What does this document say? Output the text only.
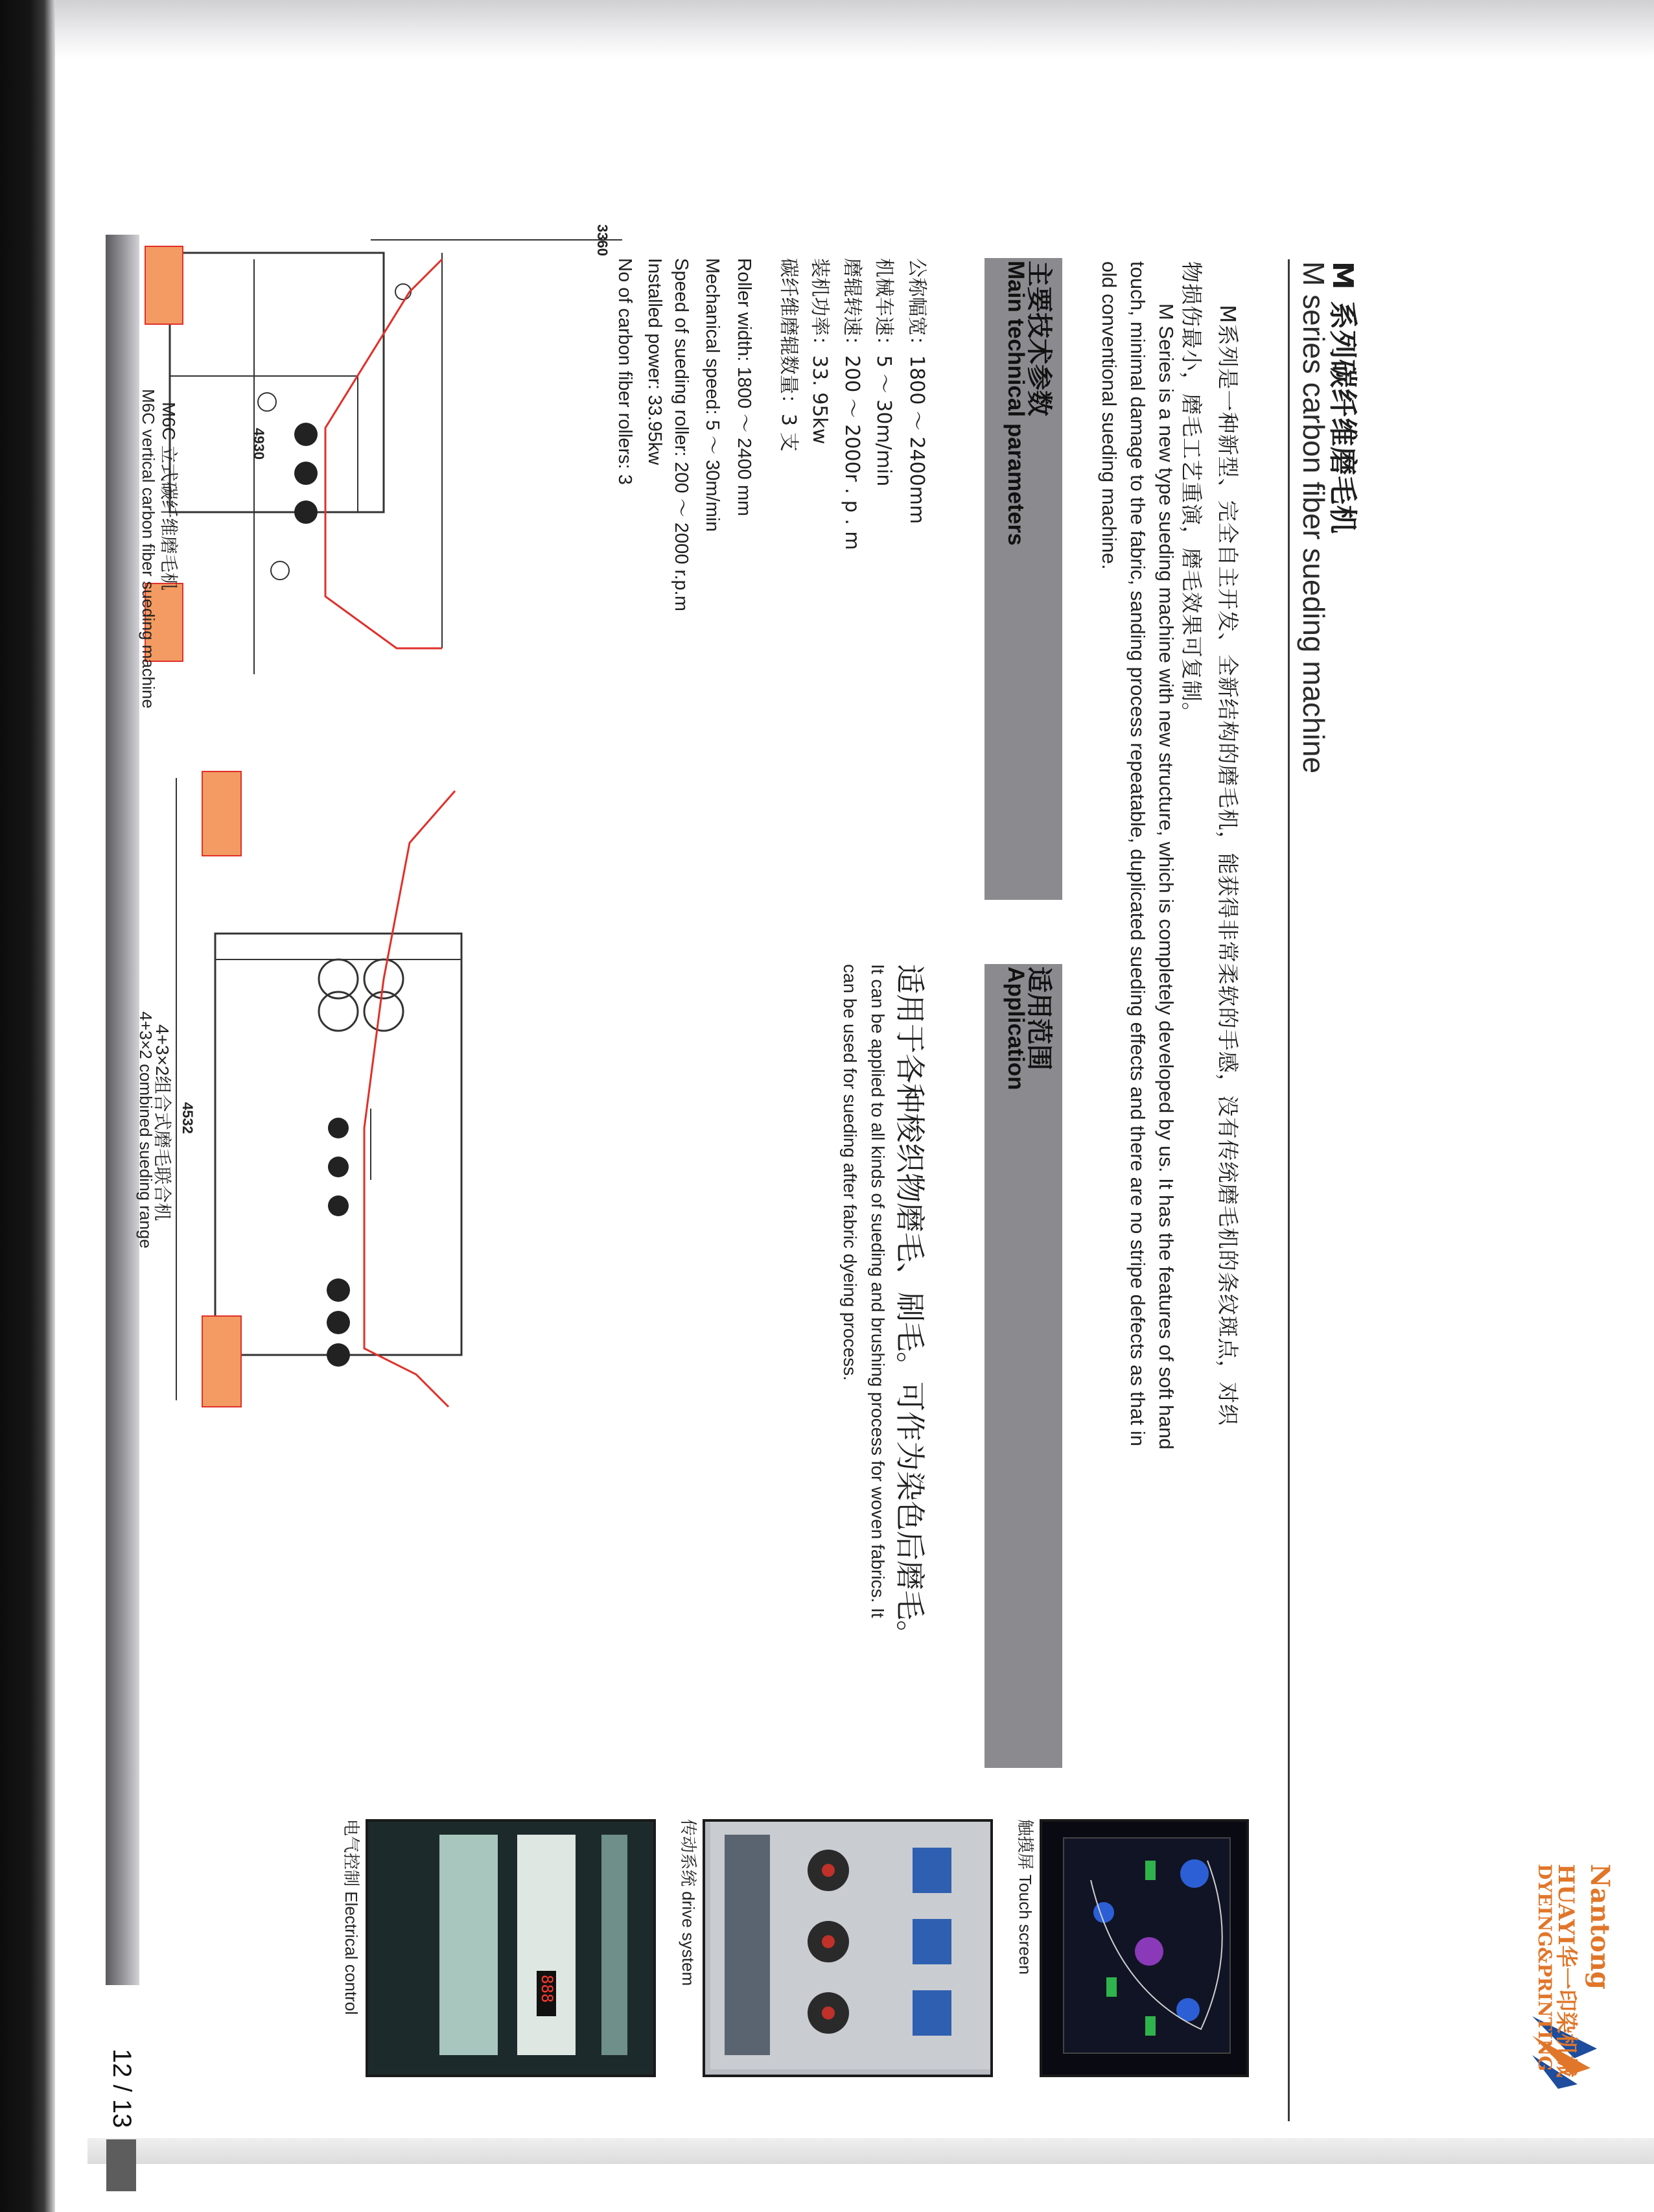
M 系列碳纤维磨毛机
M series carbon fiber sueding machine
Nantong
HUAYI华一印染机械
DYEING&PRINTING
M系列是一种新型、完全自主开发、全新结构的磨毛机，能获得非常柔软的手感，没有传统磨毛机的条纹斑点，对织
物损伤最小，磨毛工艺重演，磨毛效果可复制。
M Series is a new type sueding machine with new structure, which is completely developed by us. It has the features of soft hand
touch, minimal damage to the fabric, sanding process repeatable, duplicated sueding effects and there are no stripe defects as that in
old conventional sueding machine.
主要技术参数
Main technical parameters
适用范围
Application
公称幅宽：1800 ～ 2400mm
机械车速：5 ～ 30m/min
磨辊转速：200 ～ 2000r . p . m
装机功率：33. 95kw
碳纤维磨辊数量：3 支
Roller width: 1800 ～ 2400 mm
Mechanical speed: 5 ～ 30m/min
Speed of sueding roller: 200 ～ 2000 r.p.m
Installed power: 33.95kw
No of carbon fiber rollers: 3
适用于各种梭织物磨毛、刷毛。可作为染色后磨毛。
It can be applied to all kinds of sueding and brushing process for woven fabrics. It
can be used for sueding after fabric dyeing process.
3360
4930
M6C 立式碳纤维磨毛机
M6C vertical carbon fiber sueding machine
4532
4+3×2组合式磨毛联合机
4+3×2 combined sueding range
触摸屏 Touch screen
传动系统 drive system
888
电气控制 Electrical control
12 / 13
